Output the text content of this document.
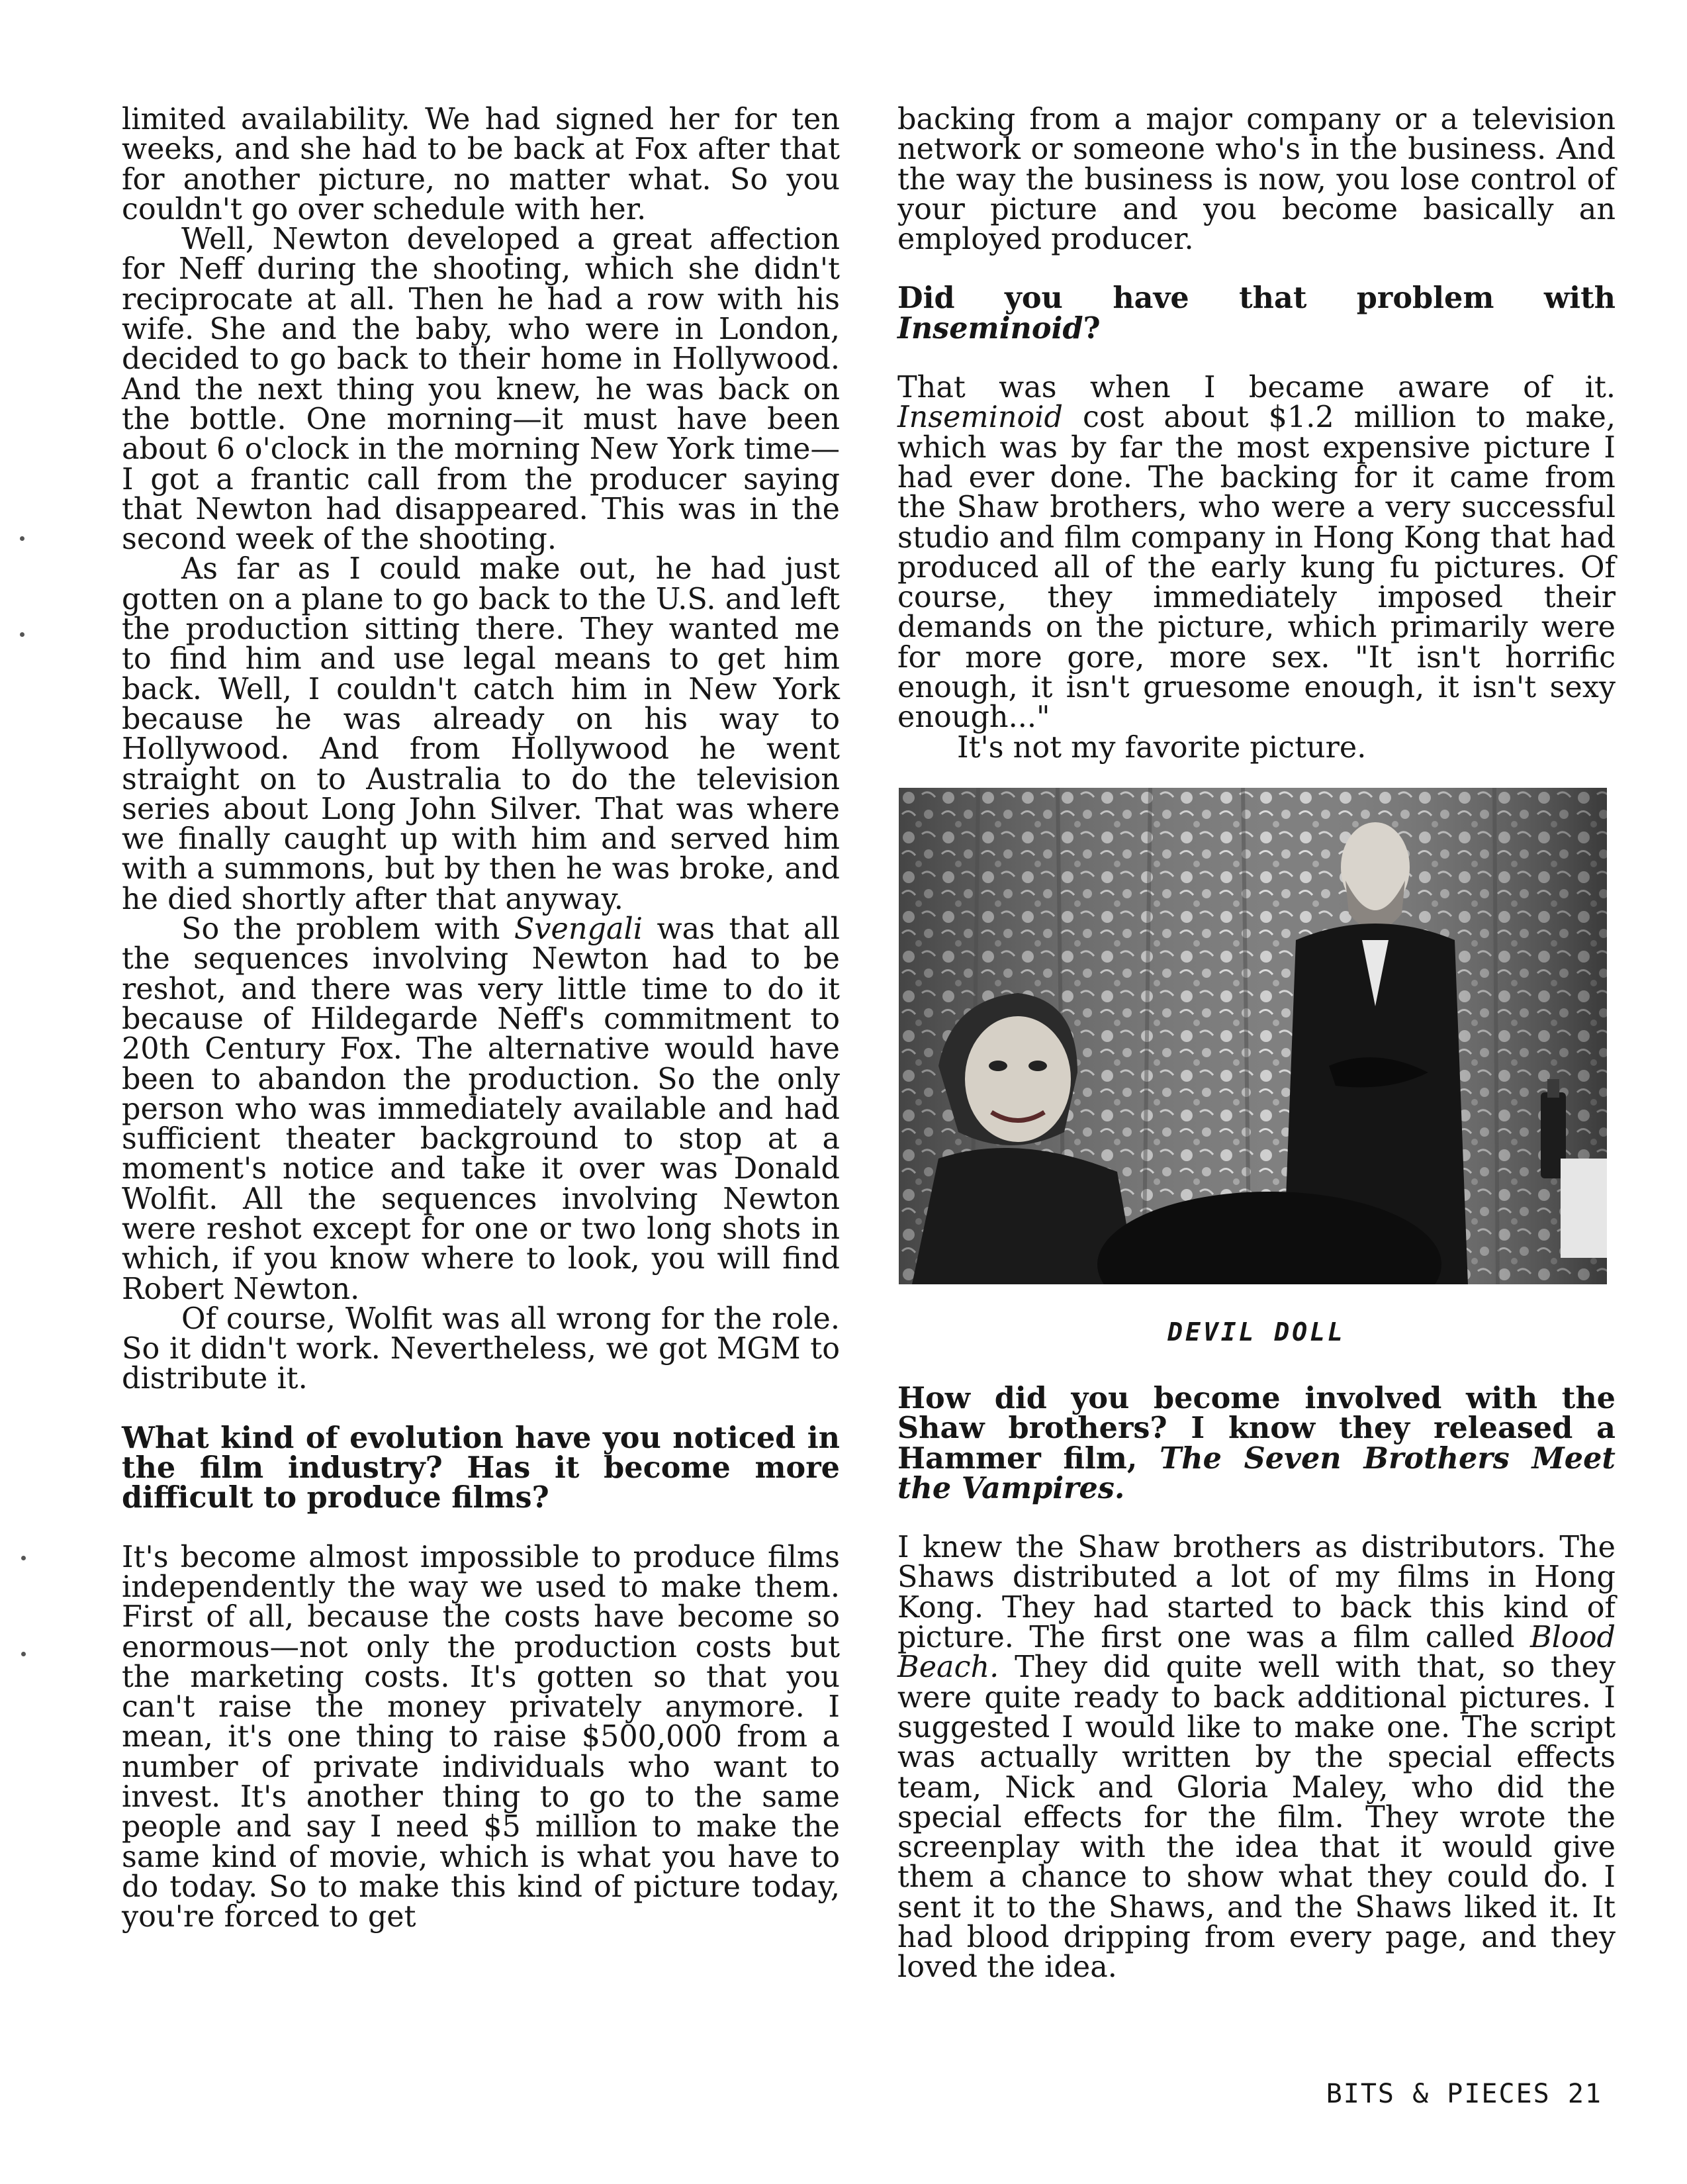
limited availability. We had signed her for ten weeks, and she had to be back at Fox after that for another picture, no matter what. So you couldn't go over schedule with her.

Well, Newton developed a great affection for Neff during the shooting, which she didn't reciprocate at all. Then he had a row with his wife. She and the baby, who were in London, decided to go back to their home in Hollywood. And the next thing you knew, he was back on the bottle. One morning—it must have been about 6 o'clock in the morning New York time—I got a frantic call from the producer saying that Newton had disappeared. This was in the second week of the shooting.

As far as I could make out, he had just gotten on a plane to go back to the U.S. and left the production sitting there. They wanted me to find him and use legal means to get him back. Well, I couldn't catch him in New York because he was already on his way to Hollywood. And from Hollywood he went straight on to Australia to do the television series about Long John Silver. That was where we finally caught up with him and served him with a summons, but by then he was broke, and he died shortly after that anyway.

So the problem with Svengali was that all the sequences involving Newton had to be reshot, and there was very little time to do it because of Hildegarde Neff's commitment to 20th Century Fox. The alternative would have been to abandon the production. So the only person who was immediately available and had sufficient theater background to stop at a moment's notice and take it over was Donald Wolfit. All the sequences involving Newton were reshot except for one or two long shots in which, if you know where to look, you will find Robert Newton.

Of course, Wolfit was all wrong for the role. So it didn't work. Nevertheless, we got MGM to distribute it.

What kind of evolution have you noticed in the film industry? Has it become more difficult to produce films?

It's become almost impossible to produce films independently the way we used to make them. First of all, because the costs have become so enormous—not only the production costs but the marketing costs. It's gotten so that you can't raise the money privately anymore. I mean, it's one thing to raise $500,000 from a number of private individuals who want to invest. It's another thing to go to the same people and say I need $5 million to make the same kind of movie, which is what you have to do today. So to make this kind of picture today, you're forced to get

backing from a major company or a television network or someone who's in the business. And the way the business is now, you lose control of your picture and you become basically an employed producer.

Did you have that problem with Inseminoid?

That was when I became aware of it. Inseminoid cost about $1.2 million to make, which was by far the most expensive picture I had ever done. The backing for it came from the Shaw brothers, who were a very successful studio and film company in Hong Kong that had produced all of the early kung fu pictures. Of course, they immediately imposed their demands on the picture, which primarily were for more gore, more sex. "It isn't horrific enough, it isn't gruesome enough, it isn't sexy enough..."

It's not my favorite picture.

DEVIL DOLL

How did you become involved with the Shaw brothers? I know they released a Hammer film, The Seven Brothers Meet the Vampires.

I knew the Shaw brothers as distributors. The Shaws distributed a lot of my films in Hong Kong. They had started to back this kind of picture. The first one was a film called Blood Beach. They did quite well with that, so they were quite ready to back additional pictures. I suggested I would like to make one. The script was actually written by the special effects team, Nick and Gloria Maley, who did the special effects for the film. They wrote the screenplay with the idea that it would give them a chance to show what they could do. I sent it to the Shaws, and the Shaws liked it. It had blood dripping from every page, and they loved the idea.

BITS & PIECES 21
